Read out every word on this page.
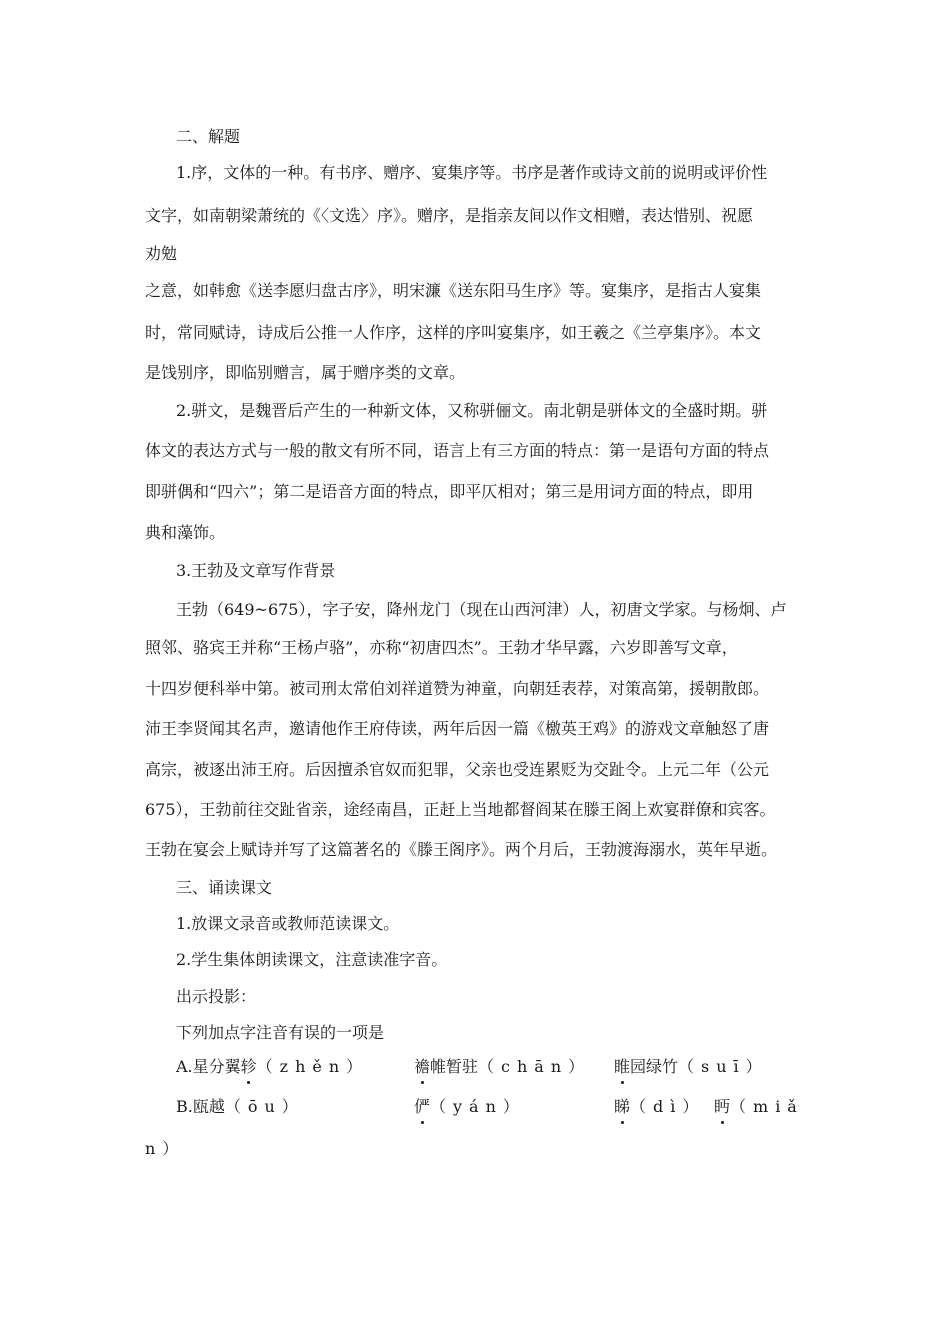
二、解题
1.序，文体的一种。有书序、赠序、宴集序等。书序是著作或诗文前的说明或评价性
文字，如南朝梁萧统的《〈文选〉序》。赠序，是指亲友间以作文相赠，表达惜别、祝愿
劝勉
之意，如韩愈《送李愿归盘古序》，明宋濂《送东阳马生序》等。宴集序，是指古人宴集
时，常同赋诗，诗成后公推一人作序，这样的序叫宴集序，如王羲之《兰亭集序》。本文
是饯别序，即临别赠言，属于赠序类的文章。
2.骈文，是魏晋后产生的一种新文体，又称骈俪文。南北朝是骈体文的全盛时期。骈
体文的表达方式与一般的散文有所不同，语言上有三方面的特点：第一是语句方面的特点
即骈偶和“四六”；第二是语音方面的特点，即平仄相对；第三是用词方面的特点，即用
典和藻饰。
3.王勃及文章写作背景
王勃（649~675），字子安，降州龙门（现在山西河津）人，初唐文学家。与杨炯、卢
照邻、骆宾王并称“王杨卢骆”，亦称“初唐四杰”。王勃才华早露，六岁即善写文章，
十四岁便科举中第。被司刑太常伯刘祥道赞为神童，向朝廷表荐，对策高第，援朝散郎。
沛王李贤闻其名声，邀请他作王府侍读，两年后因一篇《檄英王鸡》的游戏文章触怒了唐
高宗，被逐出沛王府。后因擅杀官奴而犯罪，父亲也受连累贬为交趾令。上元二年（公元
675），王勃前往交趾省亲，途经南昌，正赶上当地都督阎某在滕王阁上欢宴群僚和宾客。
王勃在宴会上赋诗并写了这篇著名的《滕王阁序》。两个月后，王勃渡海溺水，英年早逝。
三、诵读课文
1.放课文录音或教师范读课文。
2.学生集体朗读课文，注意读准字音。
出示投影：
下列加点字注音有误的一项是
A.星分翼轸（zhěn）	襜帷暂驻（chān） 睢园绿竹（suī）
B.瓯越（ōu）	俨（yán）	睇（dì） 眄（miǎ
n）
